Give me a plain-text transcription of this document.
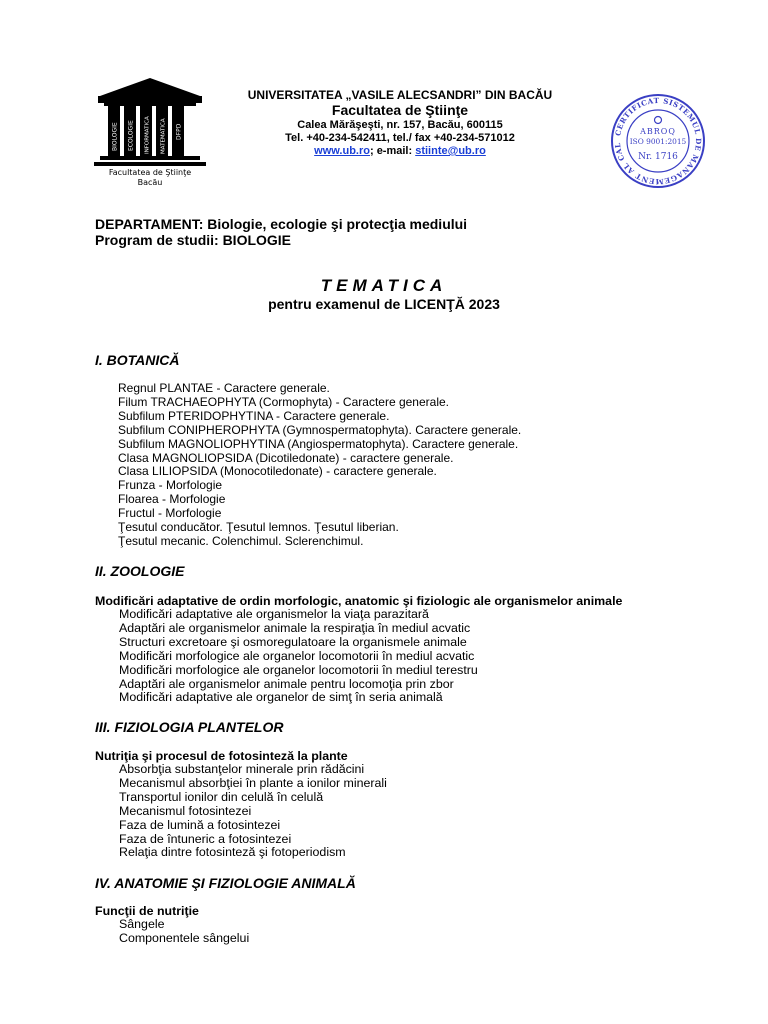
BIOLOGIE ECOLOGIE INFORMATICA MATEMATICA DFPD
Facultatea de Ştiinţe
Bacău
UNIVERSITATEA „VASILE ALECSANDRI” DIN BACĂU
Facultatea de Ştiinţe
Calea Mărăşeşti, nr. 157, Bacău, 600115
Tel. +40-234-542411, tel./ fax +40-234-571012
www.ub.ro; e-mail: stiinte@ub.ro
CERTIFICAT SISTEMUL DE MANAGEMENT AL CAL
ABROQ
ISO 9001:2015
Nr. 1716
DEPARTAMENT: Biologie, ecologie şi protecţia mediului
Program de studii: BIOLOGIE
TEMATICA
pentru examenul de LICENŢĂ 2023
I. BOTANICĂ
Regnul PLANTAE - Caractere generale.
Filum TRACHAEOPHYTA (Cormophyta) - Caractere generale.
Subfilum PTERIDOPHYTINA - Caractere generale.
Subfilum CONIPHEROPHYTA (Gymnospermatophyta). Caractere generale.
Subfilum MAGNOLIOPHYTINA (Angiospermatophyta). Caractere generale.
Clasa MAGNOLIOPSIDA (Dicotiledonate) - caractere generale.
Clasa LILIOPSIDA (Monocotiledonate) - caractere generale.
Frunza - Morfologie
Floarea - Morfologie
Fructul - Morfologie
Ţesutul conducător. Ţesutul lemnos. Ţesutul liberian.
Ţesutul mecanic. Colenchimul. Sclerenchimul.
II. ZOOLOGIE
Modificări adaptative de ordin morfologic, anatomic şi fiziologic ale organismelor animale
Modificări adaptative ale organismelor la viaţa parazitară
Adaptări ale organismelor animale la respiraţia în mediul acvatic
Structuri excretoare şi osmoregulatoare la organismele animale
Modificări morfologice ale organelor locomotorii în mediul acvatic
Modificări morfologice ale organelor locomotorii în mediul terestru
Adaptări ale organismelor animale pentru locomoţia prin zbor
Modificări adaptative ale organelor de simţ în seria animală
III. FIZIOLOGIA PLANTELOR
Nutriţia şi procesul de fotosinteză la plante
Absorbţia substanţelor minerale prin rădăcini
Mecanismul absorbţiei în plante a ionilor minerali
Transportul ionilor din celulă în celulă
Mecanismul fotosintezei
Faza de lumină a fotosintezei
Faza de întuneric a fotosintezei
Relaţia dintre fotosinteză şi fotoperiodism
IV. ANATOMIE ŞI FIZIOLOGIE ANIMALĂ
Funcţii de nutriţie
Sângele
Componentele sângelui
